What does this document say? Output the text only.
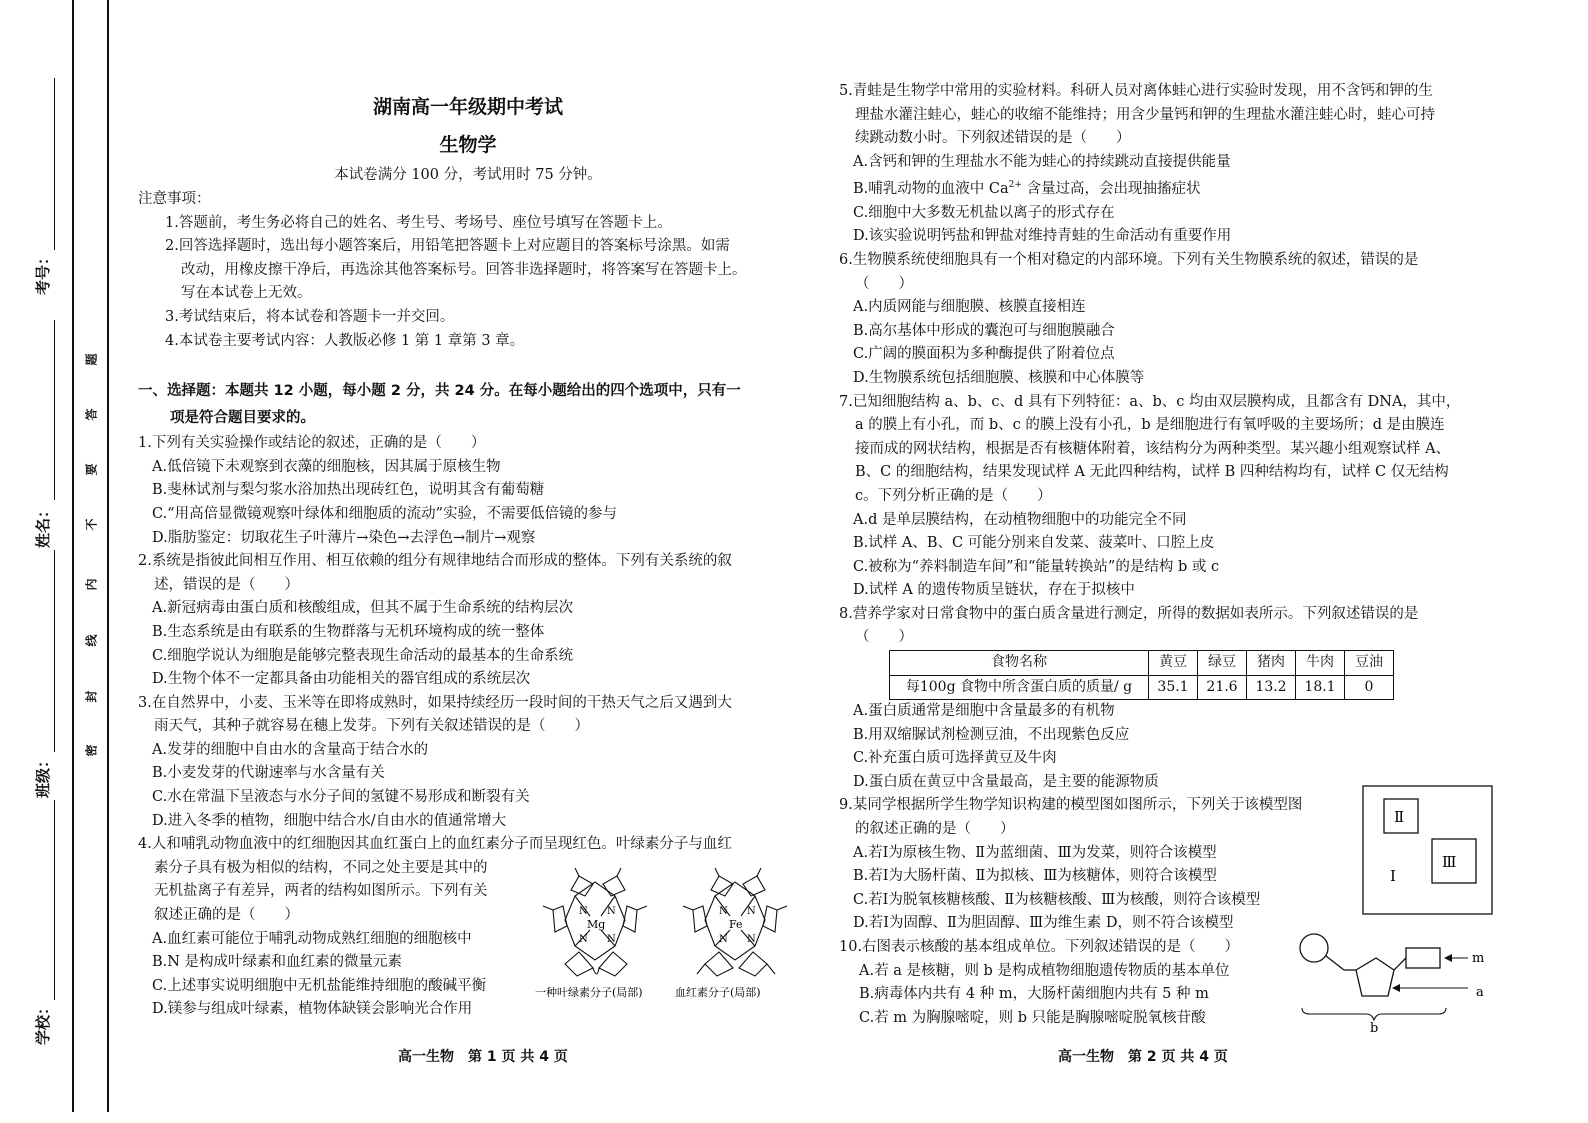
考号：
姓名：
班级：
学校：
题
答
要
不
内
线
封
密
湖南高一年级期中考试
生物学
本试卷满分 100 分，考试用时 75 分钟。

注意事项：

1.答题前，考生务必将自己的姓名、考生号、考场号、座位号填写在答题卡上。

2.回答选择题时，选出每小题答案后，用铅笔把答题卡上对应题目的答案标号涂黑。如需

改动，用橡皮擦干净后，再选涂其他答案标号。回答非选择题时，将答案写在答题卡上。

写在本试卷上无效。

3.考试结束后，将本试卷和答题卡一并交回。

4.本试卷主要考试内容：人教版必修 1 第 1 章第 3 章。

一、选择题：本题共 12 小题，每小题 2 分，共 24 分。在每小题给出的四个选项中，只有一

项是符合题目要求的。

1.下列有关实验操作或结论的叙述，正确的是（　　）

A.低倍镜下未观察到衣藻的细胞核，因其属于原核生物

B.斐林试剂与梨匀浆水浴加热出现砖红色，说明其含有葡萄糖

C.“用高倍显微镜观察叶绿体和细胞质的流动”实验，不需要低倍镜的参与

D.脂肪鉴定：切取花生子叶薄片→染色→去浮色→制片→观察

2.系统是指彼此间相互作用、相互依赖的组分有规律地结合而形成的整体。下列有关系统的叙

述，错误的是（　　）

A.新冠病毒由蛋白质和核酸组成，但其不属于生命系统的结构层次

B.生态系统是由有联系的生物群落与无机环境构成的统一整体

C.细胞学说认为细胞是能够完整表现生命活动的最基本的生命系统

D.生物个体不一定都具备由功能相关的器官组成的系统层次

3.在自然界中，小麦、玉米等在即将成熟时，如果持续经历一段时间的干热天气之后又遇到大

雨天气，其种子就容易在穗上发芽。下列有关叙述错误的是（　　）

A.发芽的细胞中自由水的含量高于结合水的

B.小麦发芽的代谢速率与水含量有关

C.水在常温下呈液态与水分子间的氢键不易形成和断裂有关

D.进入冬季的植物，细胞中结合水/自由水的值通常增大

4.人和哺乳动物血液中的红细胞因其血红蛋白上的血红素分子而呈现红色。叶绿素分子与血红

素分子具有极为相似的结构，不同之处主要是其中的

无机盐离子有差异，两者的结构如图所示。下列有关

叙述正确的是（　　）

A.血红素可能位于哺乳动物成熟红细胞的细胞核中

B.N 是构成叶绿素和血红素的微量元素

C.上述事实说明细胞中无机盐能维持细胞的酸碱平衡

D.镁参与组成叶绿素，植物体缺镁会影响光合作用

Mg
N N
N N
Fe
N N
N N
一种叶绿素分子(局部)	血红素分子(局部)

5.青蛙是生物学中常用的实验材料。科研人员对离体蛙心进行实验时发现，用不含钙和钾的生

理盐水灌注蛙心，蛙心的收缩不能维持；用含少量钙和钾的生理盐水灌注蛙心时，蛙心可持

续跳动数小时。下列叙述错误的是（　　）

A.含钙和钾的生理盐水不能为蛙心的持续跳动直接提供能量

B.哺乳动物的血液中 $Ca^{2+}$ 含量过高，会出现抽搐症状

C.细胞中大多数无机盐以离子的形式存在

D.该实验说明钙盐和钾盐对维持青蛙的生命活动有重要作用

6.生物膜系统使细胞具有一个相对稳定的内部环境。下列有关生物膜系统的叙述，错误的是

（　　）

A.内质网能与细胞膜、核膜直接相连

B.高尔基体中形成的囊泡可与细胞膜融合

C.广阔的膜面积为多种酶提供了附着位点

D.生物膜系统包括细胞膜、核膜和中心体膜等

7.已知细胞结构 a、b、c、d 具有下列特征：a、b、c 均由双层膜构成，且都含有 DNA，其中，

a 的膜上有小孔，而 b、c 的膜上没有小孔，b 是细胞进行有氧呼吸的主要场所；d 是由膜连

接而成的网状结构，根据是否有核糖体附着，该结构分为两种类型。某兴趣小组观察试样 A、

B、C 的细胞结构，结果发现试样 A 无此四种结构，试样 B 四种结构均有，试样 C 仅无结构

c。下列分析正确的是（　　）

A.d 是单层膜结构，在动植物细胞中的功能完全不同

B.试样 A、B、C 可能分别来自发菜、菠菜叶、口腔上皮

C.被称为“养料制造车间”和“能量转换站”的是结构 b 或 c

D.试样 A 的遗传物质呈链状，存在于拟核中

8.营养学家对日常食物中的蛋白质含量进行测定，所得的数据如表所示。下列叙述错误的是

（　　）

食物名称	黄豆	绿豆	猪肉	牛肉	豆油
每100g 食物中所含蛋白质的质量/ g	35.1	21.6	13.2	18.1	0

A.蛋白质通常是细胞中含量最多的有机物

B.用双缩脲试剂检测豆油，不出现紫色反应

C.补充蛋白质可选择黄豆及牛肉

D.蛋白质在黄豆中含量最高，是主要的能源物质

9.某同学根据所学生物学知识构建的模型图如图所示，下列关于该模型图

的叙述正确的是（　　）

A.若Ⅰ为原核生物、Ⅱ为蓝细菌、Ⅲ为发菜，则符合该模型

B.若Ⅰ为大肠杆菌、Ⅱ为拟核、Ⅲ为核糖体，则符合该模型

C.若Ⅰ为脱氧核糖核酸、Ⅱ为核糖核酸、Ⅲ为核酸，则符合该模型

D.若Ⅰ为固醇、Ⅱ为胆固醇、Ⅲ为维生素 D，则不符合该模型

10.右图表示核酸的基本组成单位。下列叙述错误的是（　　）

A.若 a 是核糖，则 b 是构成植物细胞遗传物质的基本单位

B.病毒体内共有 4 种 m，大肠杆菌细胞内共有 5 种 m

C.若 m 为胸腺嘧啶，则 b 只能是胸腺嘧啶脱氧核苷酸

Ⅱ
Ⅲ
Ⅰ
m
a
b
高一生物　第 1 页 共 4 页	高一生物　第 2 页 共 4 页
